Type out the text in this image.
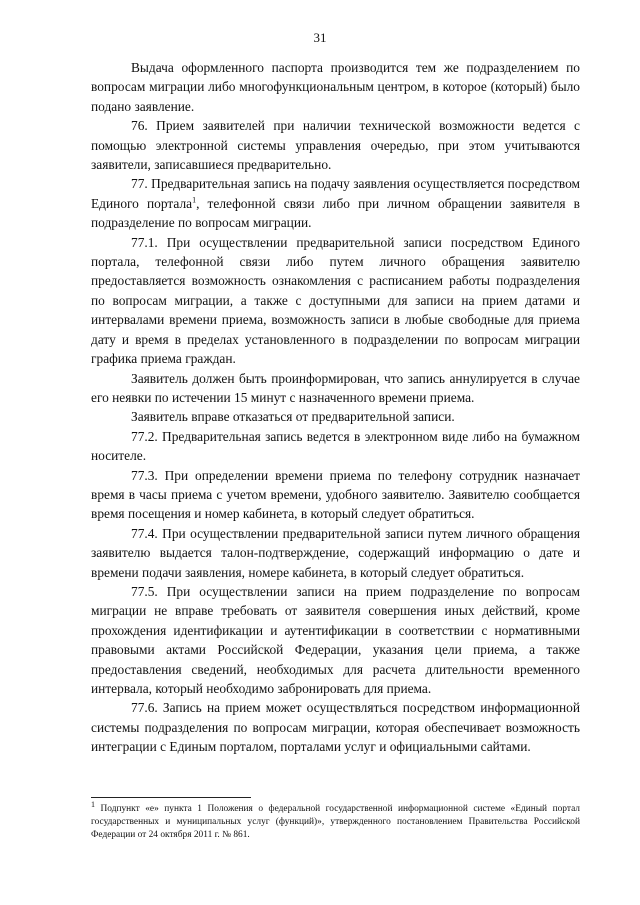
31

Выдача оформленного паспорта производится тем же подразделением по вопросам миграции либо многофункциональным центром, в которое (который) было подано заявление.

76. Прием заявителей при наличии технической возможности ведется с помощью электронной системы управления очередью, при этом учитываются заявители, записавшиеся предварительно.

77. Предварительная запись на подачу заявления осуществляется посредством Единого портала$^1$, телефонной связи либо при личном обращении заявителя в подразделение по вопросам миграции.

77.1. При осуществлении предварительной записи посредством Единого портала, телефонной связи либо путем личного обращения заявителю предоставляется возможность ознакомления с расписанием работы подразделения по вопросам миграции, а также с доступными для записи на прием датами и интервалами времени приема, возможность записи в любые свободные для приема дату и время в пределах установленного в подразделении по вопросам миграции графика приема граждан.

Заявитель должен быть проинформирован, что запись аннулируется в случае его неявки по истечении 15 минут с назначенного времени приема.

Заявитель вправе отказаться от предварительной записи.

77.2. Предварительная запись ведется в электронном виде либо на бумажном носителе.

77.3. При определении времени приема по телефону сотрудник назначает время в часы приема с учетом времени, удобного заявителю. Заявителю сообщается время посещения и номер кабинета, в который следует обратиться.

77.4. При осуществлении предварительной записи путем личного обращения заявителю выдается талон-подтверждение, содержащий информацию о дате и времени подачи заявления, номере кабинета, в который следует обратиться.

77.5. При осуществлении записи на прием подразделение по вопросам миграции не вправе требовать от заявителя совершения иных действий, кроме прохождения идентификации и аутентификации в соответствии с нормативными правовыми актами Российской Федерации, указания цели приема, а также предоставления сведений, необходимых для расчета длительности временного интервала, который необходимо забронировать для приема.

77.6. Запись на прием может осуществляться посредством информационной системы подразделения по вопросам миграции, которая обеспечивает возможность интеграции с Единым порталом, порталами услуг и официальными сайтами.

$^1$ Подпункт «е» пункта 1 Положения о федеральной государственной информационной системе «Единый портал государственных и муниципальных услуг (функций)», утвержденного постановлением Правительства Российской Федерации от 24 октября 2011 г. № 861.
